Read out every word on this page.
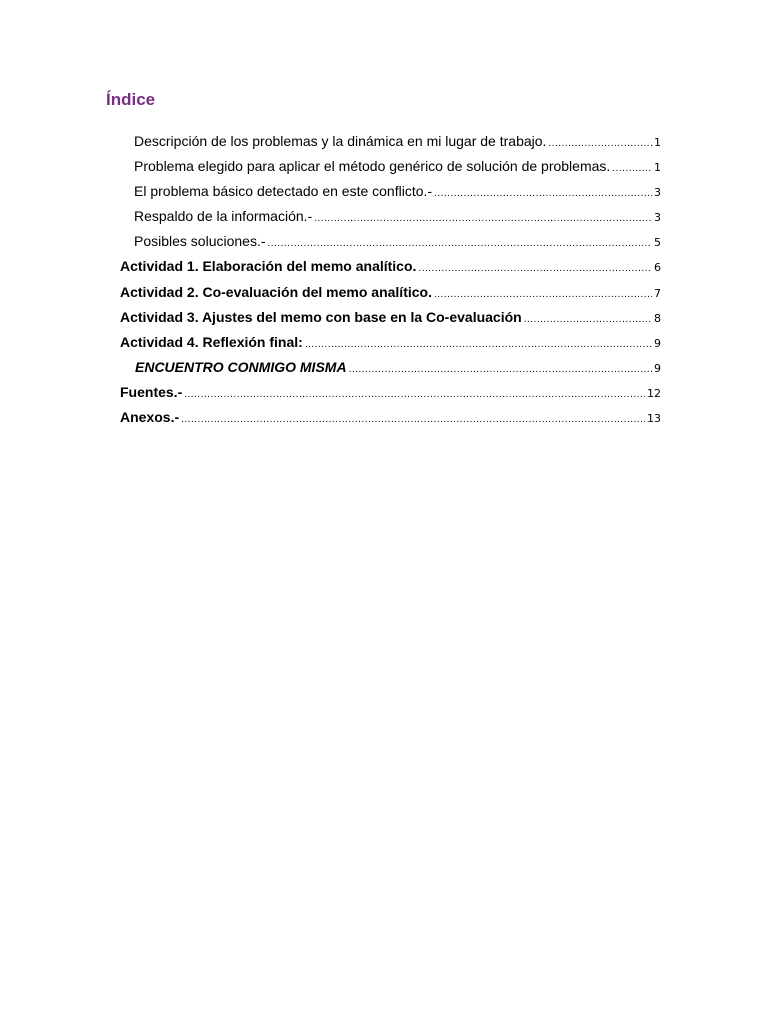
Índice
Descripción de los problemas y la dinámica en mi lugar de trabajo. .....	1
Problema elegido para aplicar el método genérico de solución de problemas. .....	1
El problema básico detectado en este conflicto.- .....	3
Respaldo de la información.- .....	3
Posibles soluciones.- .....	5
Actividad 1. Elaboración del memo analítico. .....	6
Actividad 2. Co-evaluación del memo analítico. .....	7
Actividad 3. Ajustes del memo con base en la Co-evaluación .....	8
Actividad 4. Reflexión final: .....	9
ENCUENTRO CONMIGO MISMA .....	9
Fuentes.- .....	12
Anexos.- .....	13
